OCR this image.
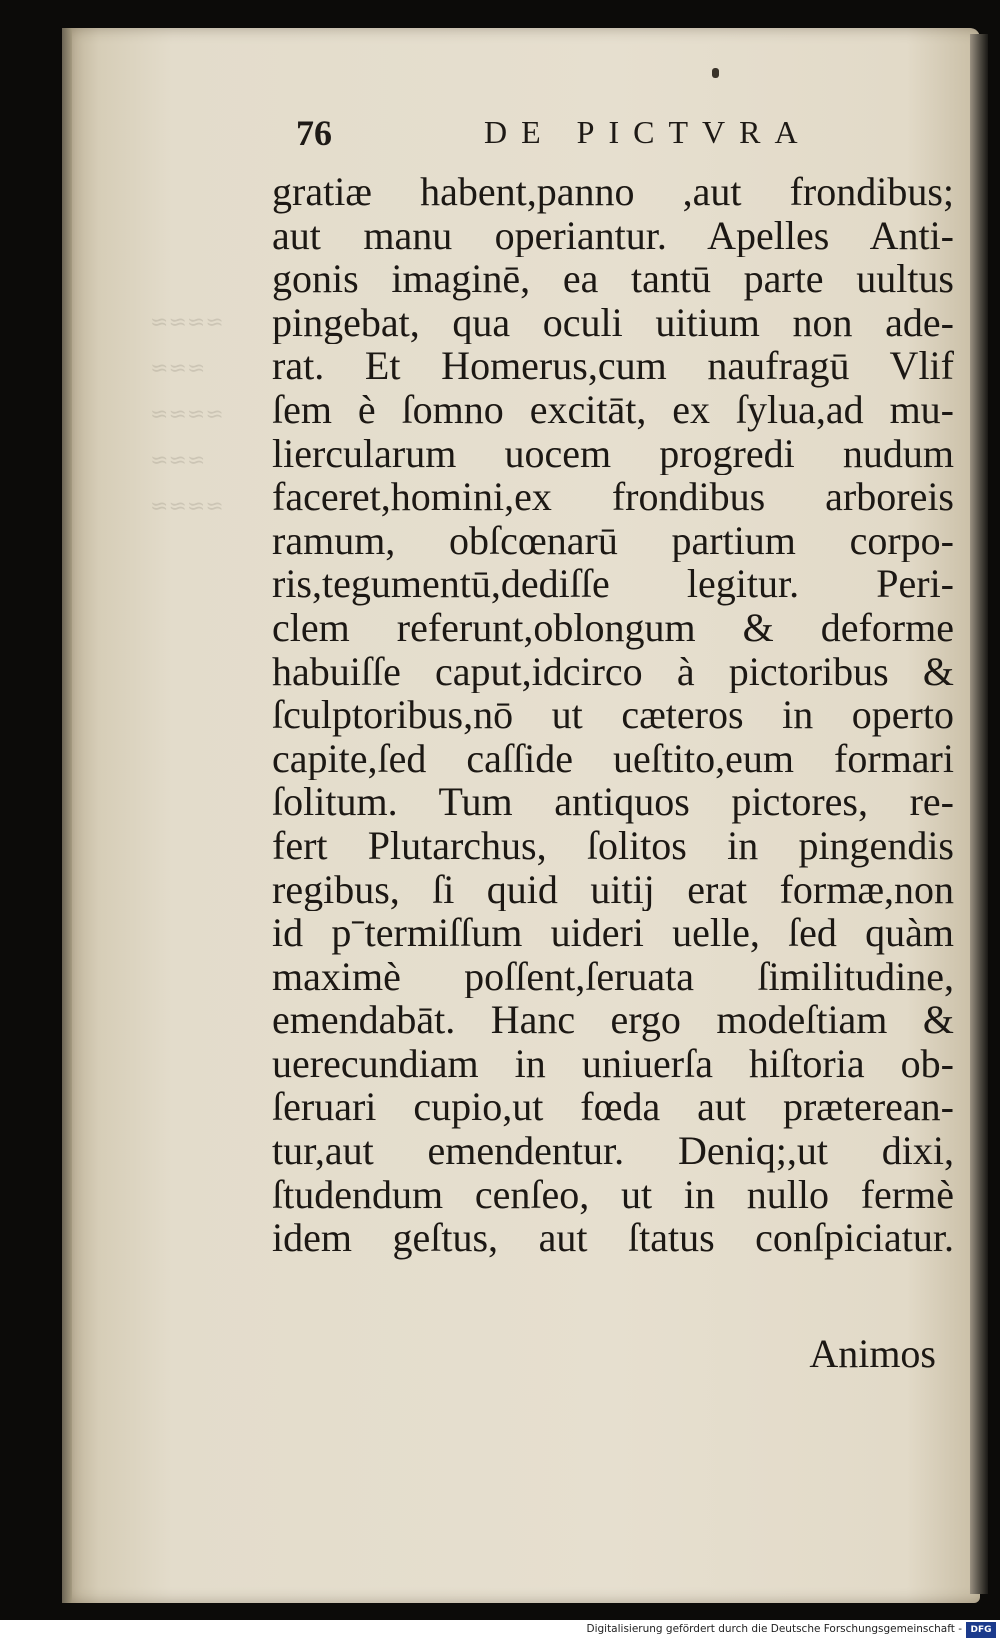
≈≈≈≈
≈≈≈
≈≈≈≈
≈≈≈
≈≈≈≈
76	DE PICTVRA
gratiæ habent,panno ,aut frondibus;
aut manu operiantur. Apelles Anti-
gonis imaginē, ea tantū parte uultus
pingebat, qua oculi uitium non ade-
rat. Et Homerus,cum naufragū Vlif
ſem è ſomno excitāt, ex ſylua,ad mu-
liercularum uocem progredi nudum
faceret,homini,ex frondibus arboreis
ramum, obſcœnarū partium corpo-
ris,tegumentū,dediſſe legitur. Peri-
clem referunt,oblongum & deforme
habuiſſe caput,idcirco à pictoribus &
ſculptoribus,nō ut cæteros in operto
capite,ſed caſſide ueſtito,eum formari
ſolitum. Tum antiquos pictores, re-
fert Plutarchus, ſolitos in pingendis
regibus, ſi quid uitij erat formæ,non
id pˉtermiſſum uideri uelle, ſed quàm
maximè poſſent,ſeruata ſimilitudine,
emendabāt. Hanc ergo modeſtiam &
uerecundiam in uniuerſa hiſtoria ob-
ſeruari cupio,ut fœda aut præterean-
tur,aut emendentur. Deniq;,ut dixi,
ſtudendum cenſeo, ut in nullo fermè
idem geſtus, aut ſtatus conſpiciatur.
Animos
Digitalisierung gefördert durch die Deutsche Forschungsgemeinschaft - DFG
